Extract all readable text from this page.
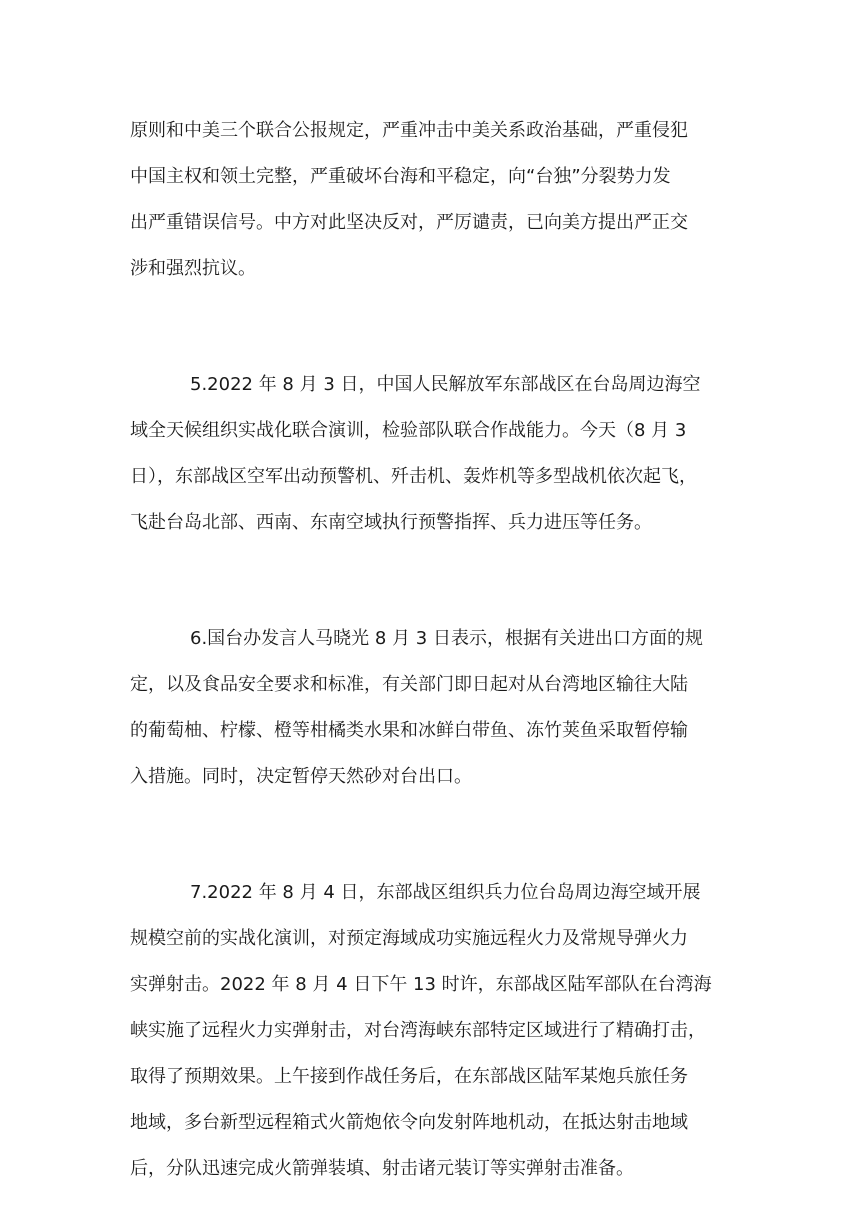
原则和中美三个联合公报规定，严重冲击中美关系政治基础，严重侵犯
中国主权和领土完整，严重破坏台海和平稳定，向“台独”分裂势力发
出严重错误信号。中方对此坚决反对，严厉谴责，已向美方提出严正交
涉和强烈抗议。

5.2022 年 8 月 3 日，中国人民解放军东部战区在台岛周边海空
域全天候组织实战化联合演训，检验部队联合作战能力。今天（8 月 3
日），东部战区空军出动预警机、歼击机、轰炸机等多型战机依次起飞，
飞赴台岛北部、西南、东南空域执行预警指挥、兵力进压等任务。

6.国台办发言人马晓光 8 月 3 日表示，根据有关进出口方面的规
定，以及食品安全要求和标准，有关部门即日起对从台湾地区输往大陆
的葡萄柚、柠檬、橙等柑橘类水果和冰鲜白带鱼、冻竹荚鱼采取暂停输
入措施。同时，决定暂停天然砂对台出口。

7.2022 年 8 月 4 日，东部战区组织兵力位台岛周边海空域开展
规模空前的实战化演训，对预定海域成功实施远程火力及常规导弹火力
实弹射击。2022 年 8 月 4 日下午 13 时许，东部战区陆军部队在台湾海
峡实施了远程火力实弹射击，对台湾海峡东部特定区域进行了精确打击，
取得了预期效果。上午接到作战任务后，在东部战区陆军某炮兵旅任务
地域，多台新型远程箱式火箭炮依令向发射阵地机动，在抵达射击地域
后，分队迅速完成火箭弹装填、射击诸元装订等实弹射击准备。
